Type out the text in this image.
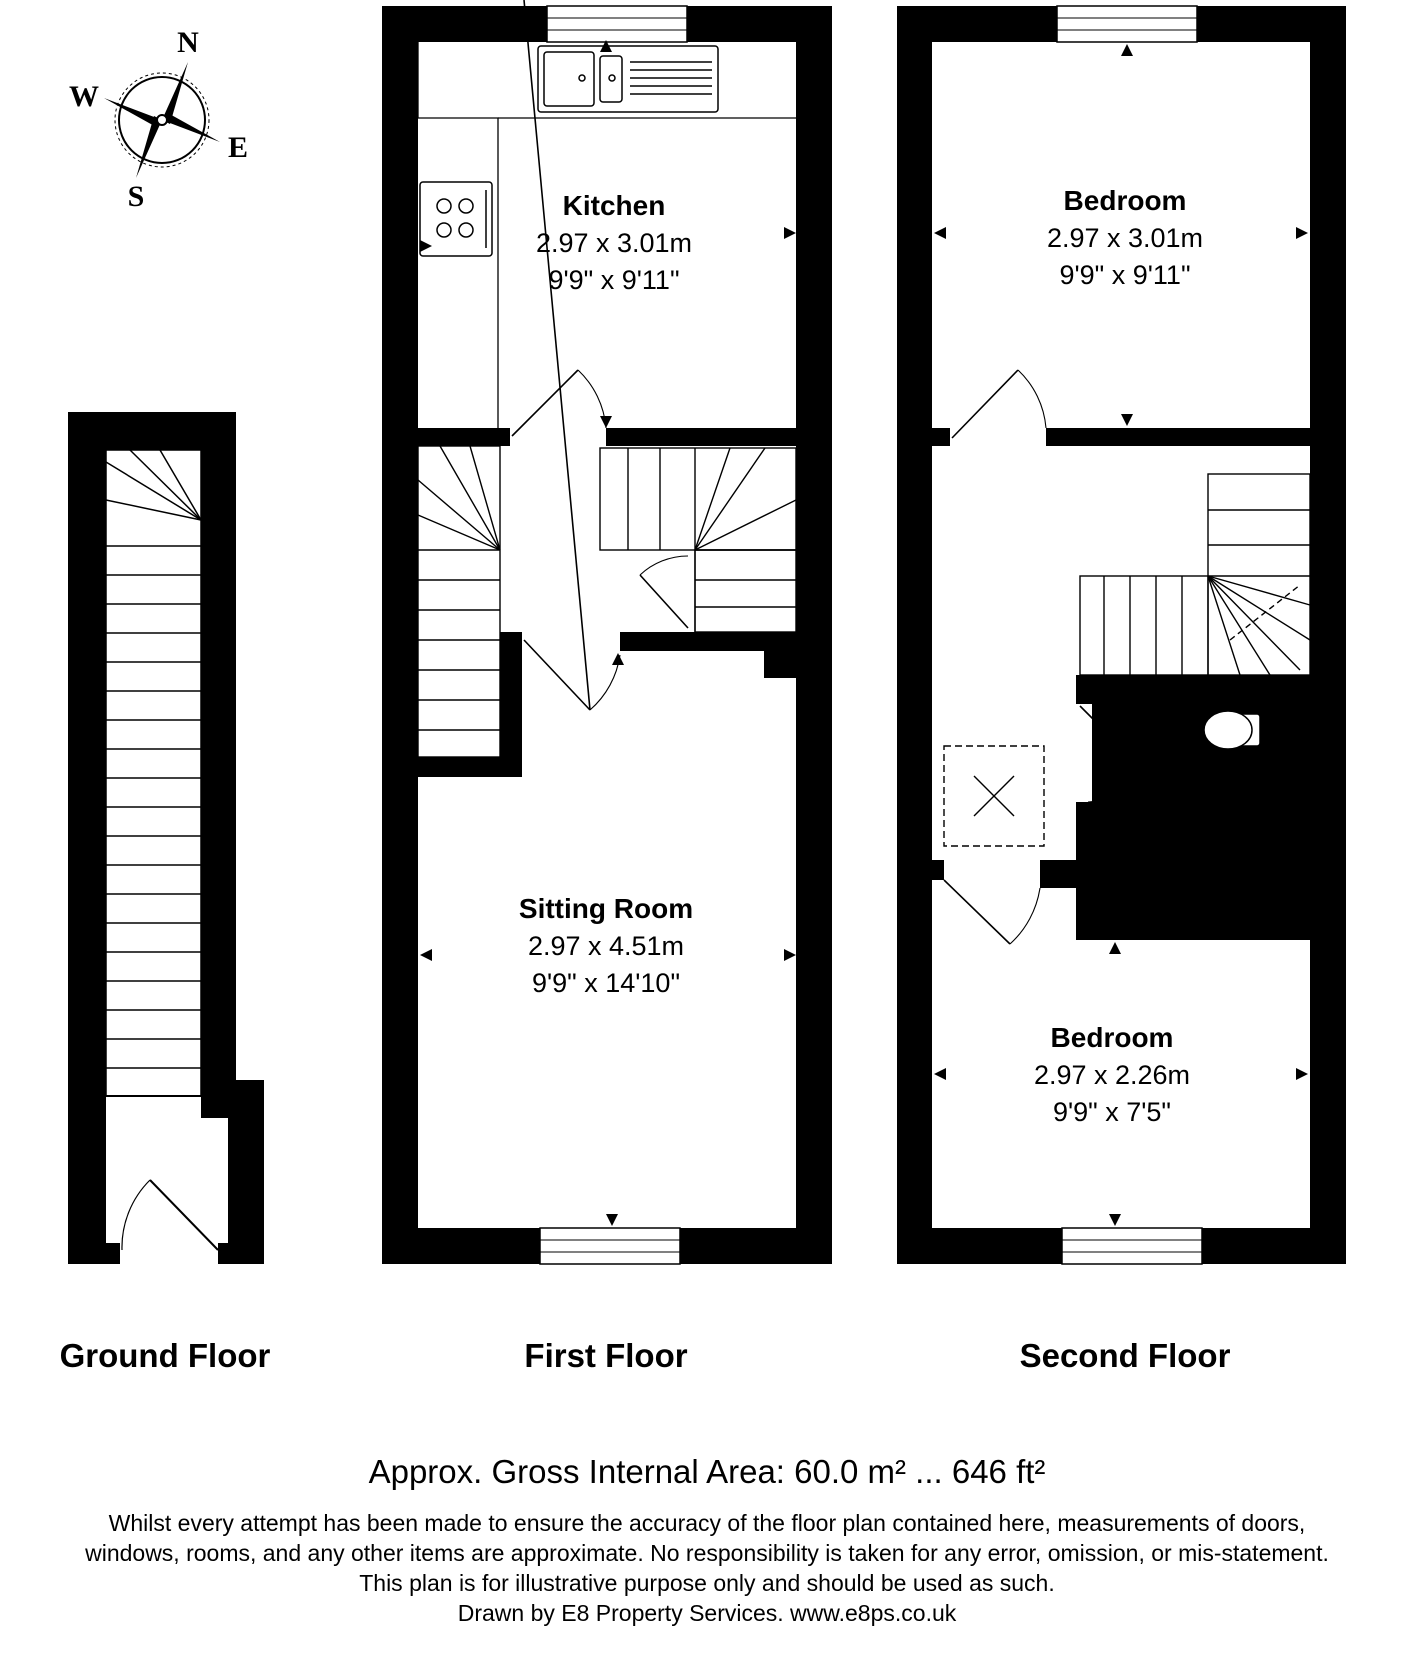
N
E
S
W
Kitchen
2.97 x 3.01m
9'9" x 9'11"
Sitting Room
2.97 x 4.51m
9'9" x 14'10"
Bedroom
2.97 x 3.01m
9'9" x 9'11"
Bathroom
Bedroom
2.97 x 2.26m
9'9" x 7'5"
Ground Floor	First Floor	Second Floor
Approx. Gross Internal Area: 60.0 m² ... 646 ft²
Whilst every attempt has been made to ensure the accuracy of the floor plan contained here, measurements of doors,
windows, rooms, and any other items are approximate. No responsibility is taken for any error, omission, or mis-statement.
This plan is for illustrative purpose only and should be used as such.
Drawn by E8 Property Services. www.e8ps.co.uk
